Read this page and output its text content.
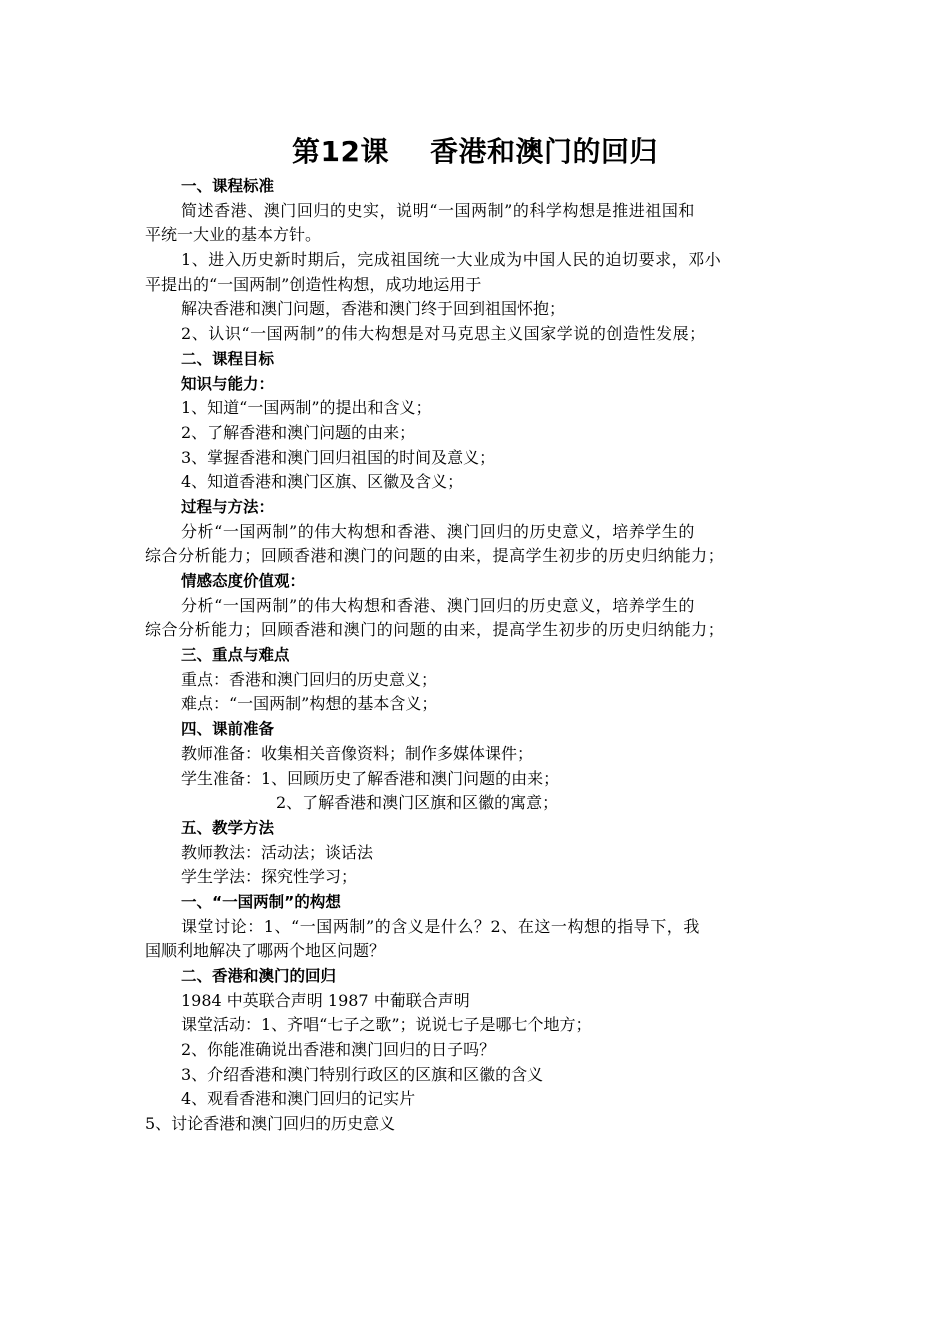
第12课    香港和澳门的回归
一、课程标准
简述香港、澳门回归的史实，说明“一国两制”的科学构想是推进祖国和
平统一大业的基本方针。
1、进入历史新时期后，完成祖国统一大业成为中国人民的迫切要求，邓小
平提出的“一国两制”创造性构想，成功地运用于
解决香港和澳门问题，香港和澳门终于回到祖国怀抱；
2、认识“一国两制”的伟大构想是对马克思主义国家学说的创造性发展；
二、课程目标
知识与能力：
1、知道“一国两制”的提出和含义；
2、了解香港和澳门问题的由来；
3、掌握香港和澳门回归祖国的时间及意义；
4、知道香港和澳门区旗、区徽及含义；
过程与方法：
分析“一国两制”的伟大构想和香港、澳门回归的历史意义，培养学生的
综合分析能力；回顾香港和澳门的问题的由来，提高学生初步的历史归纳能力；
情感态度价值观：
分析“一国两制”的伟大构想和香港、澳门回归的历史意义，培养学生的
综合分析能力；回顾香港和澳门的问题的由来，提高学生初步的历史归纳能力；
三、重点与难点
重点：香港和澳门回归的历史意义；
难点：“一国两制”构想的基本含义；
四、课前准备
教师准备：收集相关音像资料；制作多媒体课件；
学生准备：1、回顾历史了解香港和澳门问题的由来；
2、了解香港和澳门区旗和区徽的寓意；
五、教学方法
教师教法：活动法；谈话法
学生学法：探究性学习；
一、“一国两制”的构想
课堂讨论：1、“一国两制”的含义是什么？2、在这一构想的指导下，我
国顺利地解决了哪两个地区问题？
二、香港和澳门的回归
1984 中英联合声明 1987 中葡联合声明
课堂活动：1、齐唱“七子之歌”；说说七子是哪七个地方；
2、你能准确说出香港和澳门回归的日子吗？
3、介绍香港和澳门特别行政区的区旗和区徽的含义
4、观看香港和澳门回归的记实片
5、讨论香港和澳门回归的历史意义
